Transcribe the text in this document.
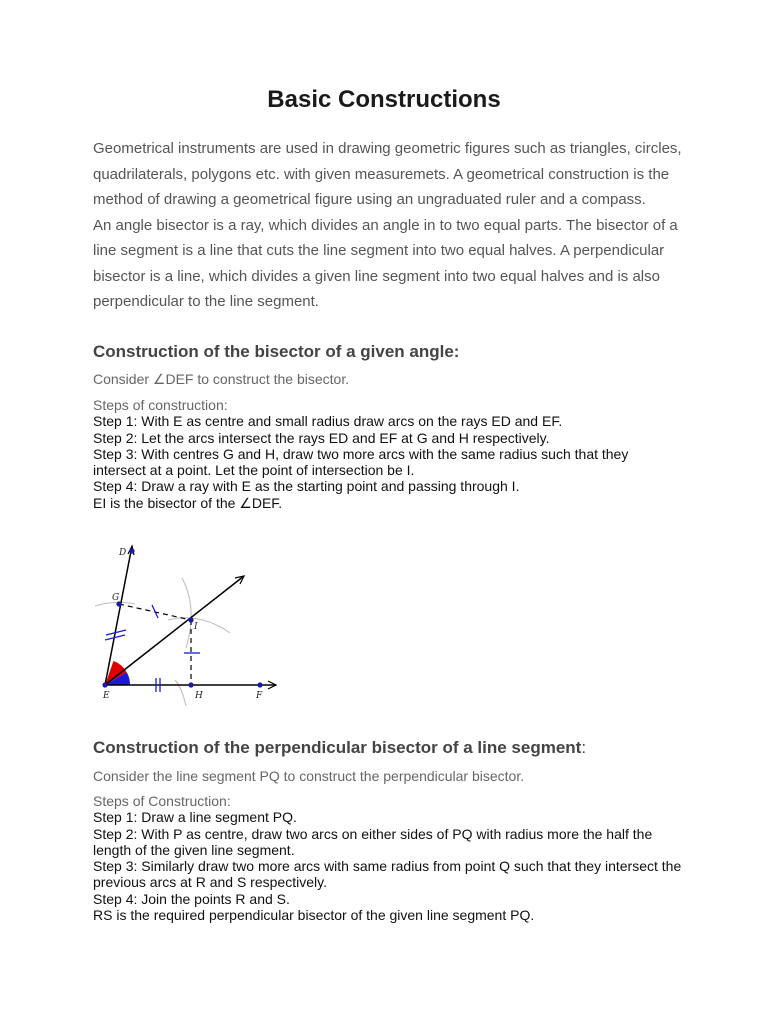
Basic Constructions

Geometrical instruments are used in drawing geometric figures such as triangles, circles, quadrilaterals, polygons etc. with given measuremets. A geometrical construction is the method of drawing a geometrical figure using an ungraduated ruler and a compass.

An angle bisector is a ray, which divides an angle in to two equal parts. The bisector of a line segment is a line that cuts the line segment into two equal halves. A perpendicular bisector is a line, which divides a given line segment into two equal halves and is also perpendicular to the line segment.

Construction of the bisector of a given angle:

Consider ∠DEF to construct the bisector.

Steps of construction:
Step 1: With E as centre and small radius draw arcs on the rays ED and EF.
Step 2: Let the arcs intersect the rays ED and EF at G and H respectively.
Step 3: With centres G and H, draw two more arcs with the same radius such that they intersect at a point. Let the point of intersection be I.
Step 4: Draw a ray with E as the starting point and passing through I.
EI is the bisector of the ∠DEF.
D
G
I
E	H	F
Construction of the perpendicular bisector of a line segment:

Consider the line segment PQ to construct the perpendicular bisector.

Steps of Construction:
Step 1: Draw a line segment PQ.
Step 2: With P as centre, draw two arcs on either sides of PQ with radius more the half the length of the given line segment.
Step 3: Similarly draw two more arcs with same radius from point Q such that they intersect the previous arcs at R and S respectively.
Step 4: Join the points R and S.
RS is the required perpendicular bisector of the given line segment PQ.
